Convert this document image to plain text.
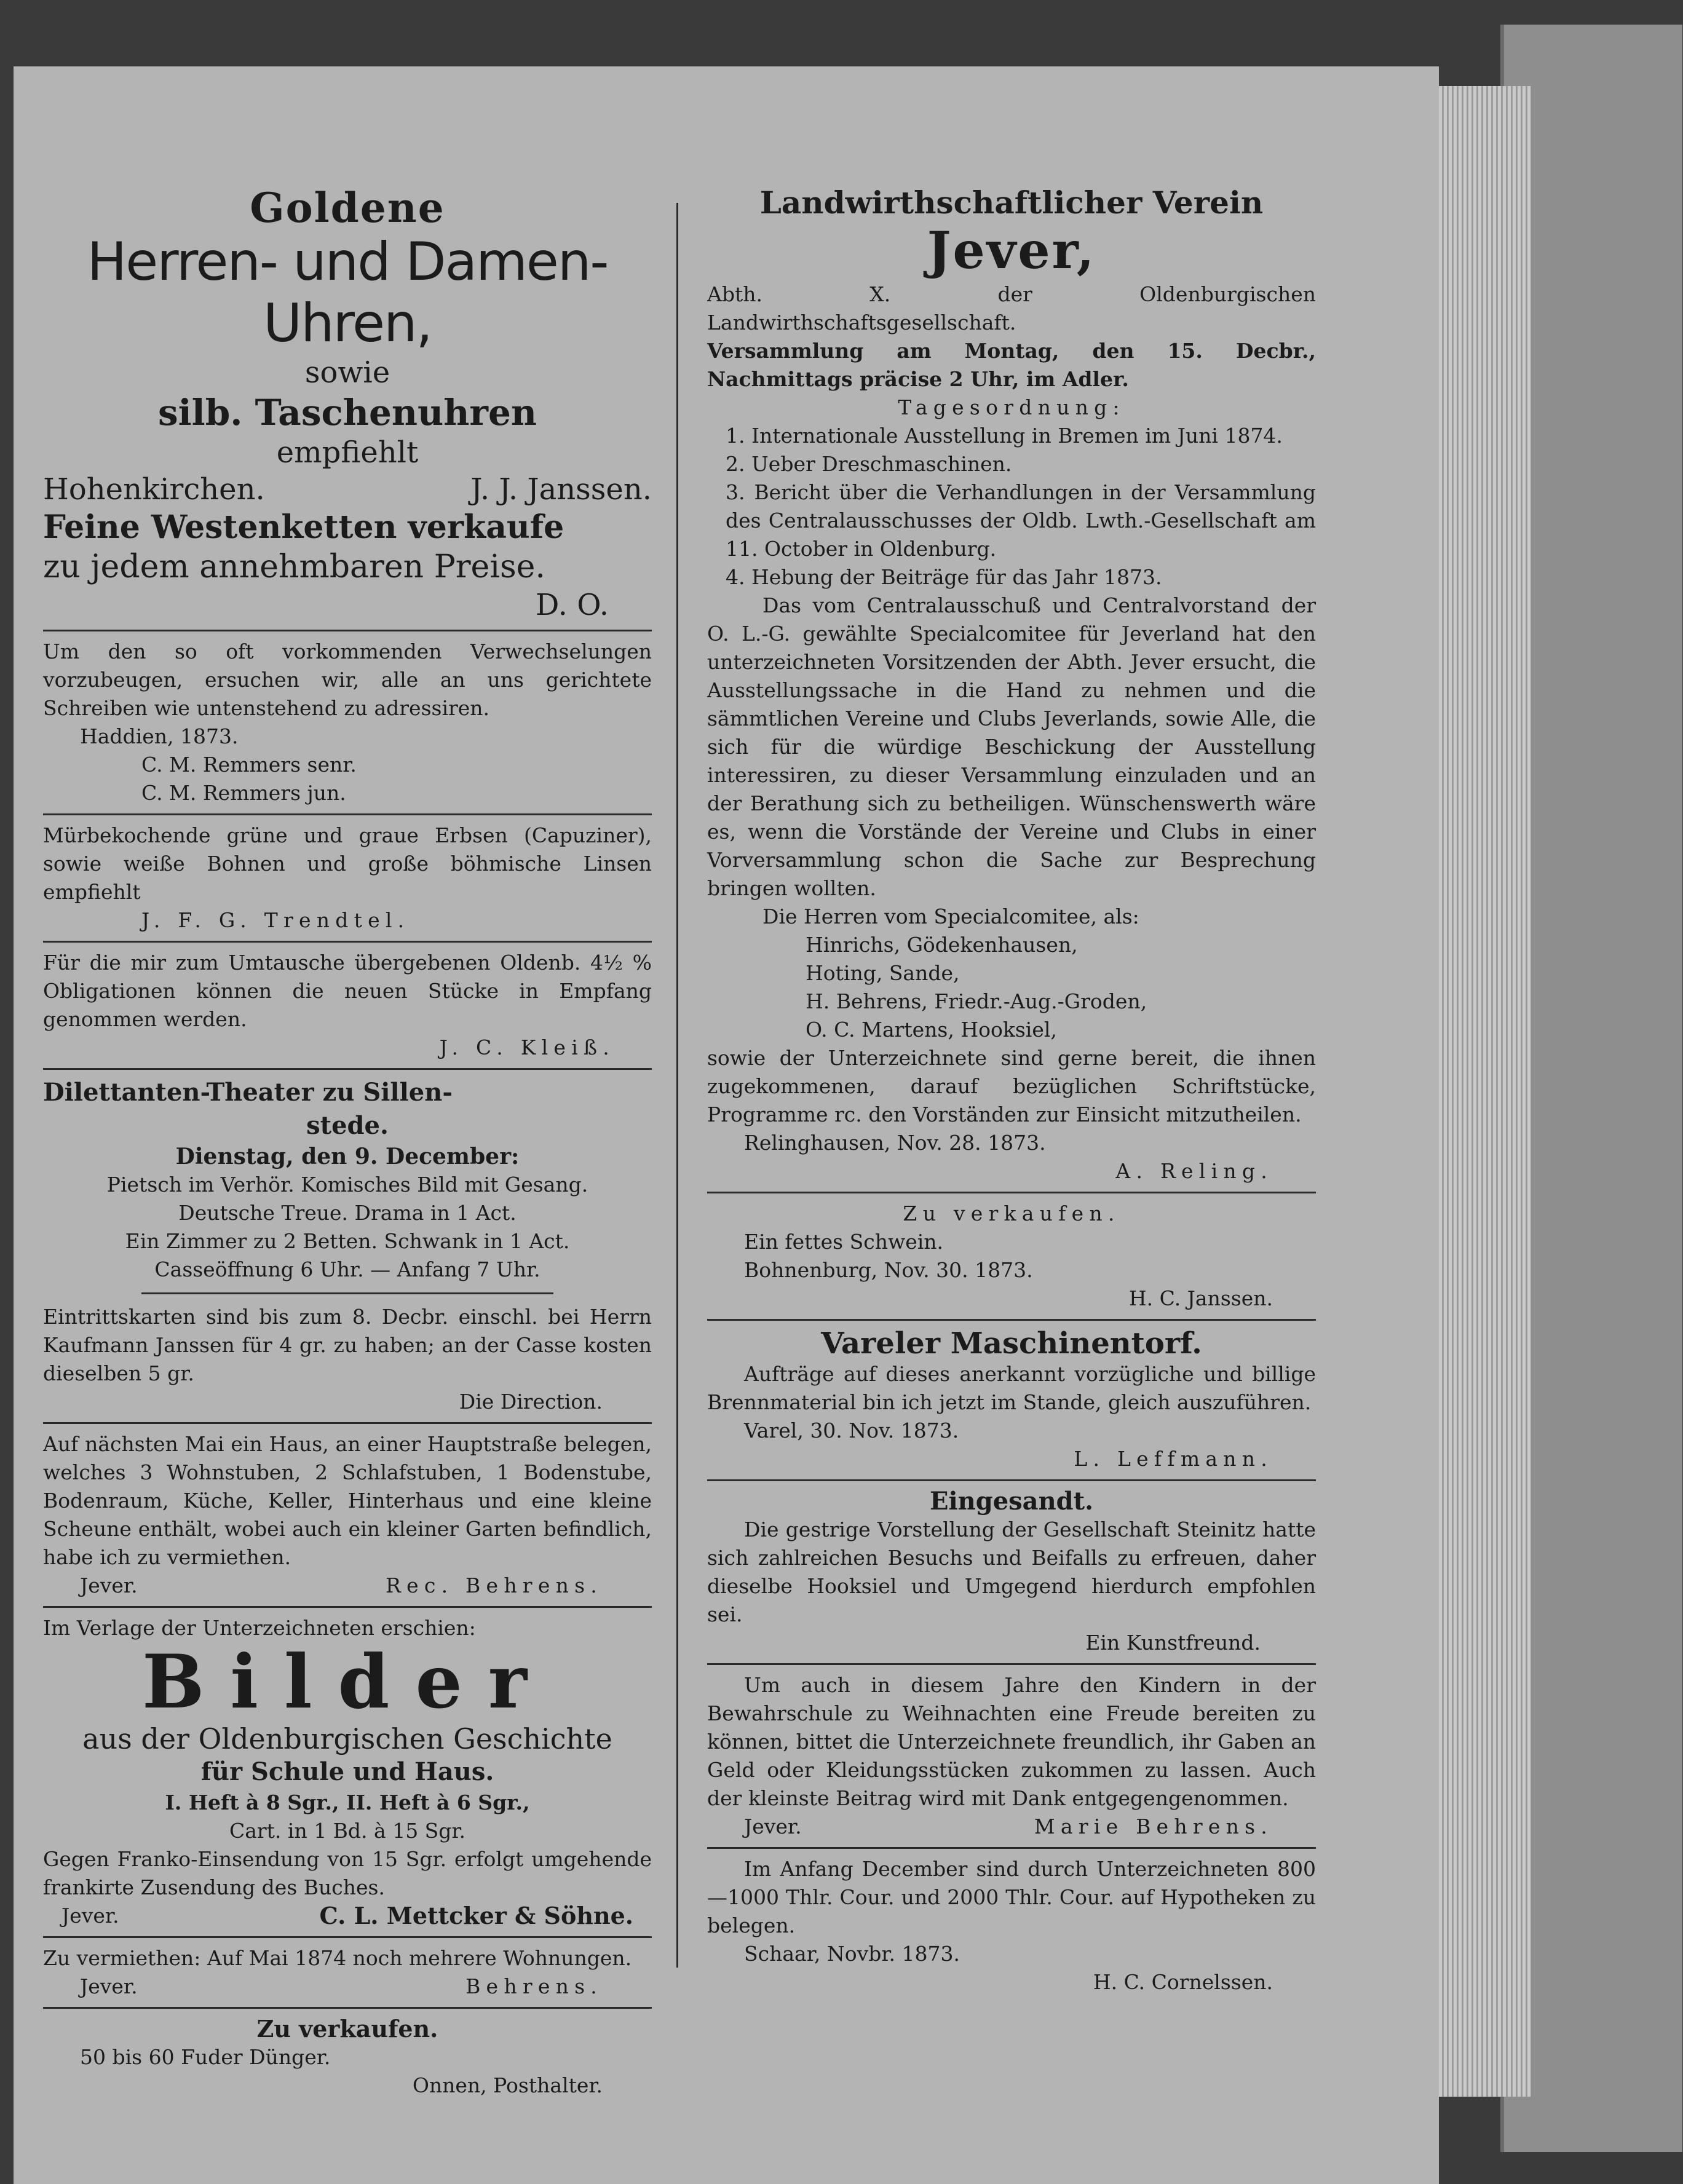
Goldene
Herren- und Damen-Uhren,
sowie
silb. Taschenuhren
empfiehlt
Hohenkirchen.	J. J. Janssen.
Feine Westenketten verkaufe
zu jedem annehmbaren Preise.
D. O.

Um den so oft vorkommenden Verwechselungen vorzubeugen, ersuchen wir, alle an uns gerichtete Schreiben wie untenstehend zu adressiren.

Haddien, 1873.
C. M. Remmers senr.
C. M. Remmers jun.

Mürbekochende grüne und graue Erbsen (Capuziner), sowie weiße Bohnen und große böhmische Linsen empfiehlt

J. F. G. Trendtel.

Für die mir zum Umtausche übergebenen Oldenb. 4½ % Obligationen können die neuen Stücke in Empfang genommen werden.

J. C. Kleiß.
Dilettanten-Theater zu Sillen-
stede.
Dienstag, den 9. December:
Pietsch im Verhör. Komisches Bild mit Gesang.
Deutsche Treue. Drama in 1 Act.
Ein Zimmer zu 2 Betten. Schwank in 1 Act.
Casseöffnung 6 Uhr. — Anfang 7 Uhr.

Eintrittskarten sind bis zum 8. Decbr. einschl. bei Herrn Kaufmann Janssen für 4 gr. zu haben; an der Casse kosten dieselben 5 gr.

Die Direction.

Auf nächsten Mai ein Haus, an einer Hauptstraße belegen, welches 3 Wohnstuben, 2 Schlafstuben, 1 Bodenstube, Bodenraum, Küche, Keller, Hinterhaus und eine kleine Scheune enthält, wobei auch ein kleiner Garten befindlich, habe ich zu vermiethen.

Jever.	Rec. Behrens.
Im Verlage der Unterzeichneten erschien:
Bilder
aus der Oldenburgischen Geschichte
für Schule und Haus.
I. Heft à 8 Sgr., II. Heft à 6 Sgr.,
Cart. in 1 Bd. à 15 Sgr.

Gegen Franko-Einsendung von 15 Sgr. erfolgt umgehende frankirte Zusendung des Buches.

Jever.	C. L. Mettcker & Söhne.

Zu vermiethen: Auf Mai 1874 noch mehrere Wohnungen.

Jever.	Behrens.
Zu verkaufen.
50 bis 60 Fuder Dünger.
Onnen, Posthalter.
Landwirthschaftlicher Verein
Jever,

Abth. X. der Oldenburgischen Landwirthschaftsgesellschaft.

Versammlung am Montag, den 15. Decbr., Nachmittags präcise 2 Uhr, im Adler.

Tagesordnung:

1. Internationale Ausstellung in Bremen im Juni 1874.

2. Ueber Dreschmaschinen.

3. Bericht über die Verhandlungen in der Versammlung des Centralausschusses der Oldb. Lwth.-Gesellschaft am 11. October in Oldenburg.

4. Hebung der Beiträge für das Jahr 1873.

Das vom Centralausschuß und Centralvorstand der O. L.-G. gewählte Specialcomitee für Jeverland hat den unterzeichneten Vorsitzenden der Abth. Jever ersucht, die Ausstellungssache in die Hand zu nehmen und die sämmtlichen Vereine und Clubs Jeverlands, sowie Alle, die sich für die würdige Beschickung der Ausstellung interessiren, zu dieser Versammlung einzuladen und an der Berathung sich zu betheiligen. Wünschenswerth wäre es, wenn die Vorstände der Vereine und Clubs in einer Vorversammlung schon die Sache zur Besprechung bringen wollten.

Die Herren vom Specialcomitee, als:

Hinrichs, Gödekenhausen,
Hoting, Sande,
H. Behrens, Friedr.-Aug.-Groden,
O. C. Martens, Hooksiel,

sowie der Unterzeichnete sind gerne bereit, die ihnen zugekommenen, darauf bezüglichen Schriftstücke, Programme rc. den Vorständen zur Einsicht mitzutheilen.

Relinghausen, Nov. 28. 1873.
A. Reling.
Zu verkaufen.
Ein fettes Schwein.
Bohnenburg, Nov. 30. 1873.
H. C. Janssen.
Vareler Maschinentorf.

Aufträge auf dieses anerkannt vorzügliche und billige Brennmaterial bin ich jetzt im Stande, gleich auszuführen.

Varel, 30. Nov. 1873.
L. Leffmann.
Eingesandt.

Die gestrige Vorstellung der Gesellschaft Steinitz hatte sich zahlreichen Besuchs und Beifalls zu erfreuen, daher dieselbe Hooksiel und Umgegend hierdurch empfohlen sei.

Ein Kunstfreund.

Um auch in diesem Jahre den Kindern in der Bewahrschule zu Weihnachten eine Freude bereiten zu können, bittet die Unterzeichnete freundlich, ihr Gaben an Geld oder Kleidungsstücken zukommen zu lassen. Auch der kleinste Beitrag wird mit Dank entgegengenommen.

Jever.	Marie Behrens.

Im Anfang December sind durch Unterzeichneten 800—1000 Thlr. Cour. und 2000 Thlr. Cour. auf Hypotheken zu belegen.

Schaar, Novbr. 1873.
H. C. Cornelssen.
